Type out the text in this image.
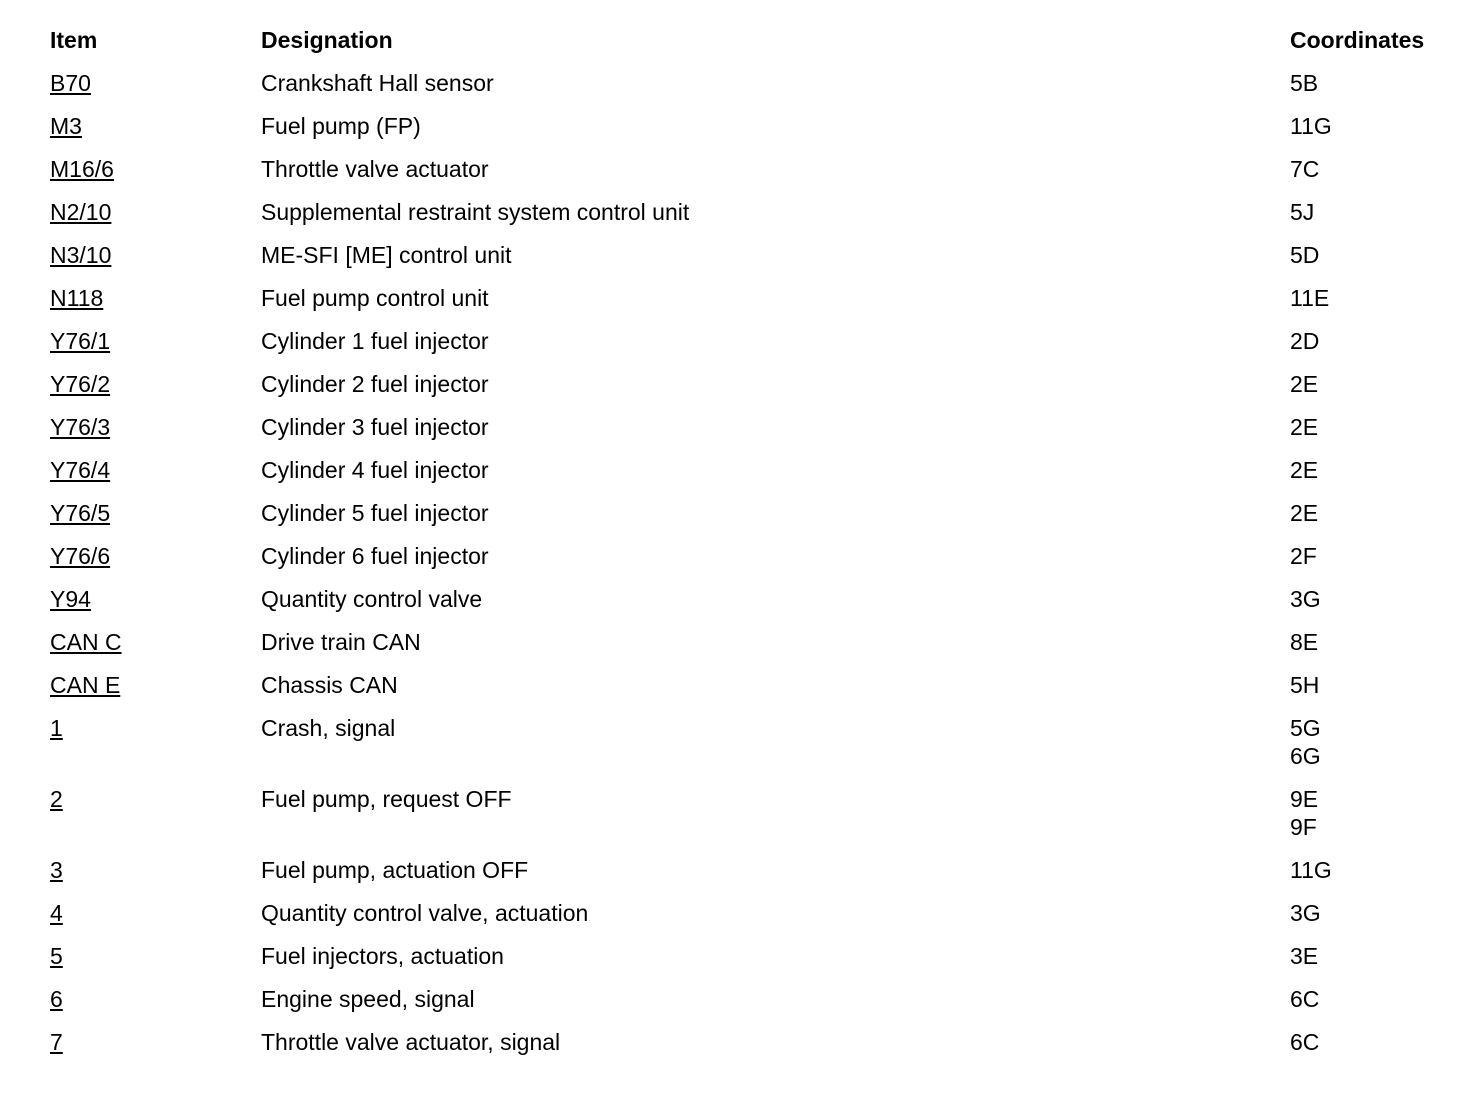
Item	Designation	Coordinates
B70	Crankshaft Hall sensor	5B
M3	Fuel pump (FP)	11G
M16/6	Throttle valve actuator	7C
N2/10	Supplemental restraint system control unit	5J
N3/10	ME-SFI [ME] control unit	5D
N118	Fuel pump control unit	11E
Y76/1	Cylinder 1 fuel injector	2D
Y76/2	Cylinder 2 fuel injector	2E
Y76/3	Cylinder 3 fuel injector	2E
Y76/4	Cylinder 4 fuel injector	2E
Y76/5	Cylinder 5 fuel injector	2E
Y76/6	Cylinder 6 fuel injector	2F
Y94	Quantity control valve	3G
CAN C	Drive train CAN	8E
CAN E	Chassis CAN	5H
1	Crash, signal	5G
6G
2	Fuel pump, request OFF	9E
9F
3	Fuel pump, actuation OFF	11G
4	Quantity control valve, actuation	3G
5	Fuel injectors, actuation	3E
6	Engine speed, signal	6C
7	Throttle valve actuator, signal	6C
